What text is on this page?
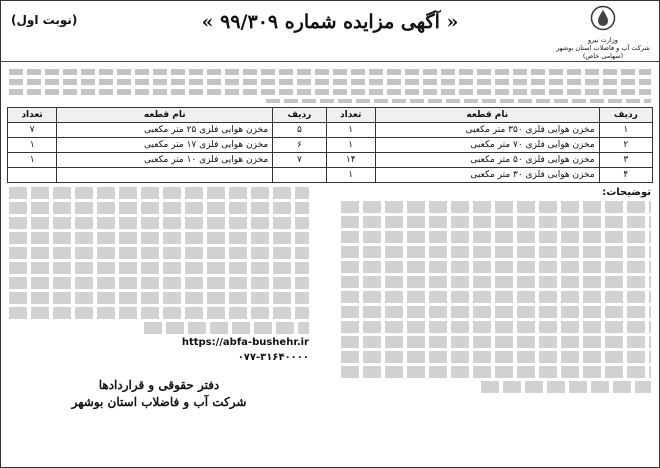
وزارت نیرو
شرکت آب و فاضلاب استان بوشهر
(سهامی خاص)
« آگهی مزایده شماره ۹۹/۳۰۹ »
(نوبت اول)
ردیف	نام قطعه	تعداد	ردیف	نام قطعه	تعداد
۱	مخزن هوایی فلزی ۳۵۰ متر مکعبی	۱	۵	مخزن هوایی فلزی ۲۵ متر مکعبی	۷
۲	مخزن هوایی فلزی ۷۰ متر مکعبی	۱	۶	مخزن هوایی فلزی ۱۷ متر مکعبی	۱
۳	مخزن هوایی فلزی ۵۰ متر مکعبی	۱۴	۷	مخزن هوایی فلزی ۱۰ متر مکعبی	۱
۴	مخزن هوایی فلزی ۳۰ متر مکعبی	۱			
توضیحات:
https://abfa-bushehr.ir
۰۷۷-۳۱۶۴۰۰۰۰
دفتر حقوقی و قراردادها
شرکت آب و فاضلاب استان بوشهر
